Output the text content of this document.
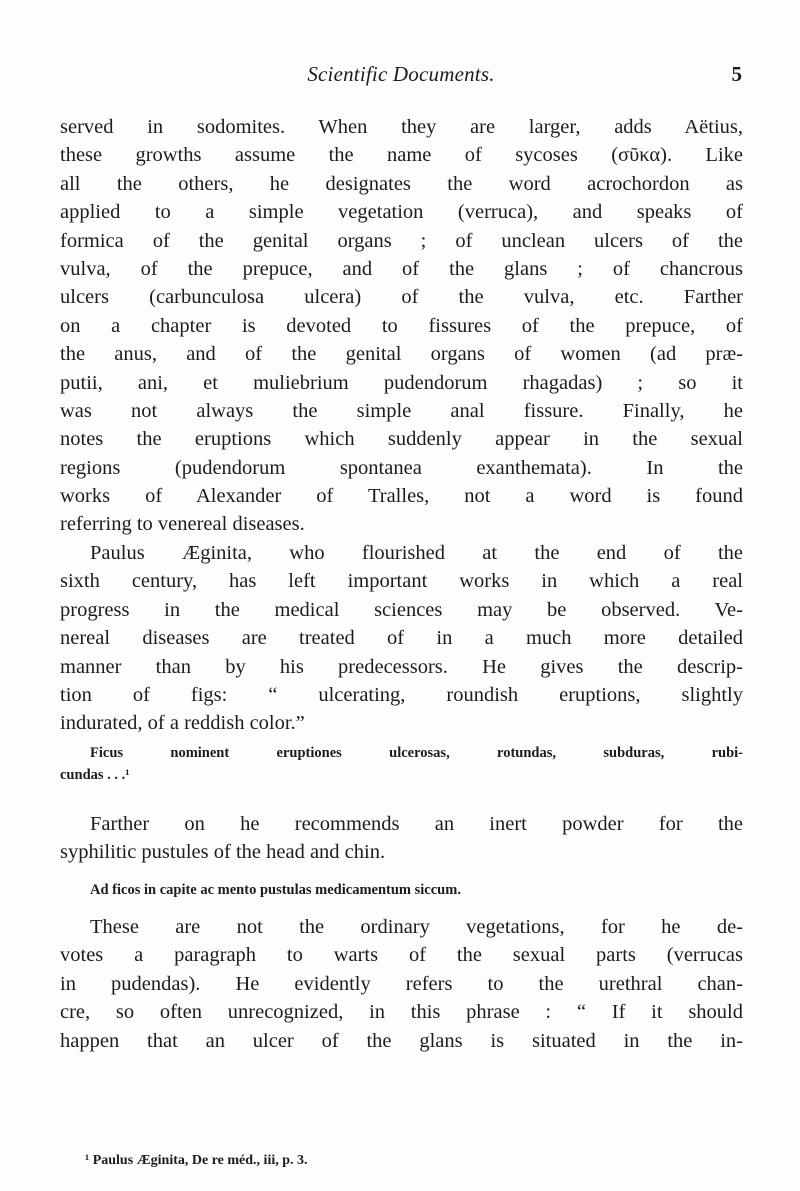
Scientific Documents.	5
served in sodomites. When they are larger, adds Aëtius,
these growths assume the name of sycoses (σῦκα). Like
all the others, he designates the word acrochordon as
applied to a simple vegetation (verruca), and speaks of
formica of the genital organs ; of unclean ulcers of the
vulva, of the prepuce, and of the glans ; of chancrous
ulcers (carbunculosa ulcera) of the vulva, etc. Farther
on a chapter is devoted to fissures of the prepuce, of
the anus, and of the genital organs of women (ad præ-
putii, ani, et muliebrium pudendorum rhagadas) ; so it
was not always the simple anal fissure. Finally, he
notes the eruptions which suddenly appear in the sexual
regions (pudendorum spontanea exanthemata). In the
works of Alexander of Tralles, not a word is found
referring to venereal diseases.
Paulus Æginita, who flourished at the end of the
sixth century, has left important works in which a real
progress in the medical sciences may be observed. Ve-
nereal diseases are treated of in a much more detailed
manner than by his predecessors. He gives the descrip-
tion of figs: “ ulcerating, roundish eruptions, slightly
indurated, of a reddish color.”
Ficus nominent eruptiones ulcerosas, rotundas, subduras, rubi-
cundas . . .¹
Farther on he recommends an inert powder for the
syphilitic pustules of the head and chin.
Ad ficos in capite ac mento pustulas medicamentum siccum.
These are not the ordinary vegetations, for he de-
votes a paragraph to warts of the sexual parts (verrucas
in pudendas). He evidently refers to the urethral chan-
cre, so often unrecognized, in this phrase : “ If it should
happen that an ulcer of the glans is situated in the in-
¹ Paulus Æginita, De re méd., iii, p. 3.
